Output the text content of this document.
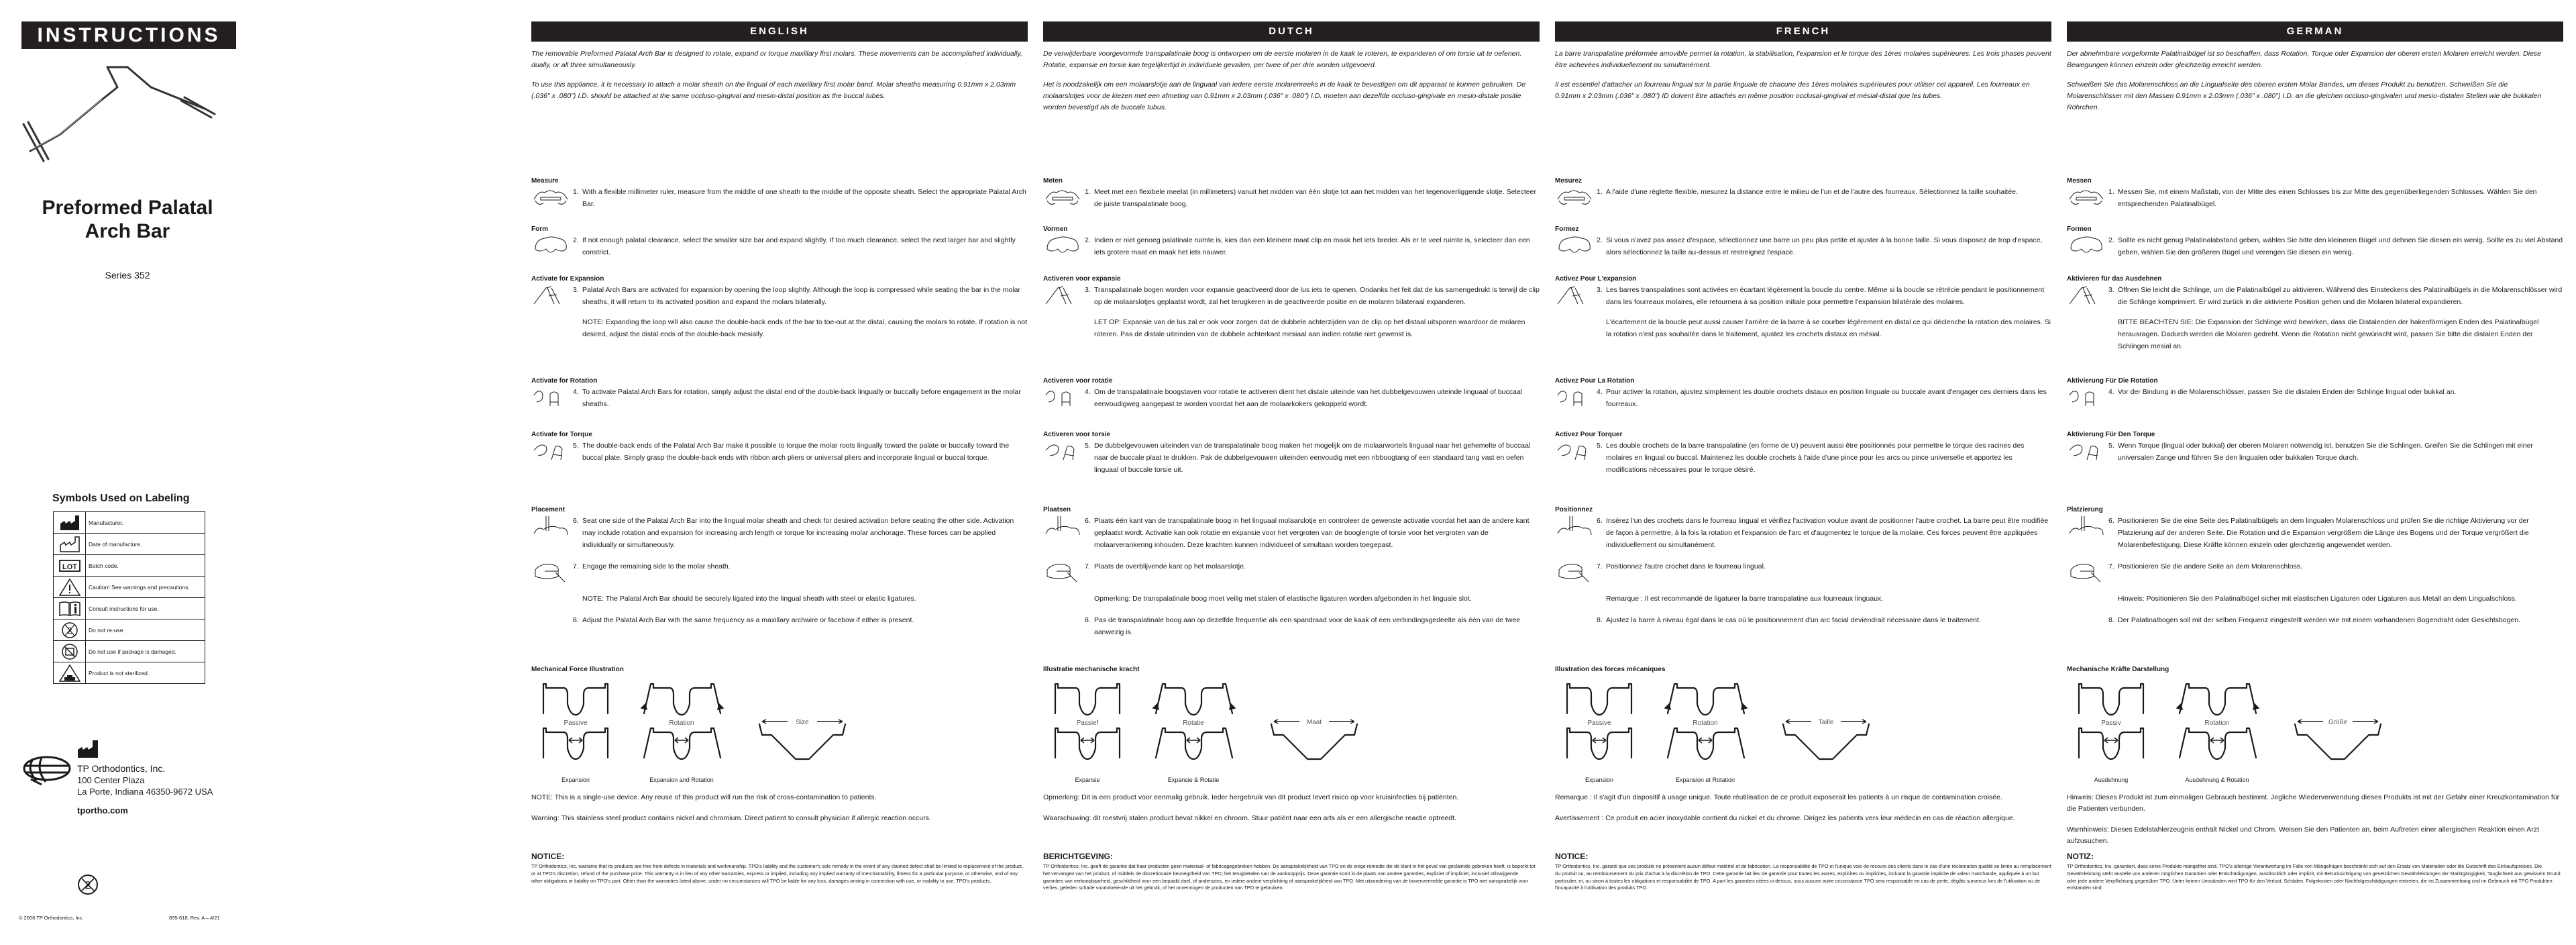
INSTRUCTIONS
Preformed Palatal
Arch Bar
Series 352
Symbols Used on Labeling
	Manufacturer.

	Date of manufacture.

LOT	Batch code.

	Caution! See warnings and precautions.

	Consult instructions for use.

2	Do not re-use.

	Do not use if package is damaged.

	Product is not sterilized.
TP Orthodontics, Inc.
100 Center Plaza
La Porte, Indiana 46350-9672 USA
tportho.com
2
© 2006 TP Orthodontics, Inc.	895-618, Rev. A – 4/21
ENGLISH

The removable Preformed Palatal Arch Bar is designed to rotate, expand or torque maxillary first molars. These movements can be accomplished individually, dually, or all three simultaneously.

To use this appliance, it is necessary to attach a molar sheath on the lingual of each maxillary first molar band. Molar sheaths measuring 0.91mm x 2.03mm (.036" x .080") I.D. should be attached at the same occluso-gingival and mesio-distal position as the buccal tubes.

Measure
1. With a flexible millimeter ruler, measure from the middle of one sheath to the middle of the opposite sheath. Select the appropriate Palatal Arch Bar.
Form
2. If not enough palatal clearance, select the smaller size bar and expand slightly. If too much clearance, select the next larger bar and slightly constrict.
Activate for Expansion
3. Palatal Arch Bars are activated for expansion by opening the loop slightly. Although the loop is compressed while seating the bar in the molar sheaths, it will return to its activated position and expand the molars bilaterally.
NOTE: Expanding the loop will also cause the double-back ends of the bar to toe-out at the distal, causing the molars to rotate. If rotation is not desired, adjust the distal ends of the double-back mesially.
Activate for Rotation
4. To activate Palatal Arch Bars for rotation, simply adjust the distal end of the double-back lingually or buccally before engagement in the molar sheaths.
Activate for Torque
5. The double-back ends of the Palatal Arch Bar make it possible to torque the molar roots lingually toward the palate or buccally toward the buccal plate. Simply grasp the double-back ends with ribbon arch pliers or universal pliers and incorporate lingual or buccal torque.
Placement
6. Seat one side of the Palatal Arch Bar into the lingual molar sheath and check for desired activation before seating the other side. Activation may include rotation and expansion for increasing arch length or torque for increasing molar anchorage. These forces can be applied individually or simultaneously.
7. Engage the remaining side to the molar sheath.
NOTE: The Palatal Arch Bar should be securely ligated into the lingual sheath with steel or elastic ligatures.
8. Adjust the Palatal Arch Bar with the same frequency as a maxillary archwire or facebow if either is present.
Mechanical Force Illustration
Passive	Rotation	Size
Expansion	Expansion and Rotation

NOTE: This is a single-use device. Any reuse of this product will run the risk of cross-contamination to patients.

Warning: This stainless steel product contains nickel and chromium. Direct patient to consult physician if allergic reaction occurs.

NOTICE:

TP Orthodontics, Inc. warrants that its products are free from defects in materials and workmanship. TPO's liability and the customer's sole remedy in the event of any claimed defect shall be limited to replacement of the product, or at TPO's discretion, refund of the purchase price. This warranty is in lieu of any other warranties, express or implied, including any implied warranty of merchantability, fitness for a particular purpose, or otherwise, and of any other obligations or liability on TPO's part. Other than the warranties listed above, under no circumstances will TPO be liable for any loss, damages arising in connection with use, or inability to use, TPO's products.

DUTCH

De verwijderbare voorgevormde transpalatinale boog is ontworpen om de eerste molaren in de kaak te roteren, te expanderen of om torsie uit te oefenen. Rotatie, expansie en torsie kan tegelijkertijd in individuele gevallen, per twee of per drie worden uitgevoerd.

Het is noodzakelijk om een molaarslotje aan de linguaal van iedere eerste molarenreeks in de kaak te bevestigen om dit apparaat te kunnen gebruiken. De molaarslotjes voor de kiezen met een afmeting van 0.91mm x 2.03mm (.036" x .080") I.D. moeten aan dezelfde occluso-gingivale en mesio-distale positie worden bevestigd als de buccale tubus.

Meten
1. Meet met een flexibele meelat (in millimeters) vanuit het midden van één slotje tot aan het midden van het tegenoverliggende slotje. Selecteer de juiste transpalatinale boog.
Vormen
2. Indien er niet genoeg palatinale ruimte is, kies dan een kleinere maat clip en maak het iets breder. Als er te veel ruimte is, selecteer dan een iets grotere maat en maak het iets nauwer.
Activeren voor expansie
3. Transpalatinale bogen worden voor expansie geactiveerd door de lus iets te openen. Ondanks het feit dat de lus samengedrukt is terwijl de clip op de molaarslotjes geplaatst wordt, zal het terugkeren in de geactiveerde positie en de molaren bilateraal expanderen.
LET OP: Expansie van de lus zal er ook voor zorgen dat de dubbele achterzijden van de clip op het distaal uitsporen waardoor de molaren roteren. Pas de distale uiteinden van de dubbele achterkant mesiaal aan indien rotatie niet gewenst is.
Activeren voor rotatie
4. Om de transpalatinale boogstaven voor rotatie te activeren dient het distale uiteinde van het dubbelgevouwen uiteinde linguaal of buccaal eenvoudigweg aangepast te worden voordat het aan de molaarkokers gekoppeld wordt.
Activeren voor torsie
5. De dubbelgevouwen uiteinden van de transpalatinale boog maken het mogelijk om de molaarwortels linguaal naar het gehemelte of buccaal naar de buccale plaat te drukken. Pak de dubbelgevouwen uiteinden eenvoudig met een ribboogtang of een standaard tang vast en oefen linguaal of buccale torsie uit.
Plaatsen
6. Plaats één kant van de transpalatinale boog in het linguaal molaarslotje en controleer de gewenste activatie voordat het aan de andere kant geplaatst wordt. Activatie kan ook rotatie en expansie voor het vergroten van de booglengte of torsie voor het vergroten van de molaarverankering inhouden. Deze krachten kunnen individueel of simultaan worden toegepast.
7. Plaats de overblijvende kant op het molaarslotje.
Opmerking: De transpalatinale boog moet veilig met stalen of elastische ligaturen worden afgebonden in het linguale slot.
8. Pas de transpalatinale boog aan op dezelfde frequentie als een spandraad voor de kaak of een verbindingsgedeelte als één van de twee aanwezig is.
Illustratie mechanische kracht
Passief	Rotatie	Maat
Expansie	Expansie & Rotatie

Opmerking: Dit is een product voor eenmalig gebruik. Ieder hergebruik van dit product levert risico op voor kruisinfecties bij patiënten.

Waarschuwing: dit roestvrij stalen product bevat nikkel en chroom. Stuur patiënt naar een arts als er een allergische reactie optreedt.

BERICHTGEVING:

TP Orthodontics, Inc. geeft de garantie dat haar producten geen materiaal- of fabricagegebreken hebben. De aansprakelijkheid van TPO en de enige remedie die de klant in het geval van geclaimde gebreken heeft, is beperkt tot het vervangen van het product, of middels de discretionaire bevoegdheid van TPO, het terugbetalen van de aankoopprijs. Deze garantie komt in de plaats van andere garanties, expliciet of impliciet, inclusief stilzwijgende garanties van verkoopbaarheid, geschiktheid voor een bepaald doel, of anderszins, en iedere andere verplichting of aansprakelijkheid van TPO. Met uitzondering van de bovenvermelde garantie is TPO niet aansprakelijk voor verlies, geleden schade voortvloeiende uit het gebruik, of het onvermogen de producten van TPO te gebruiken.

FRENCH

La barre transpalatine préformée amovible permet la rotation, la stabilisation, l'expansion et le torque des 1ères molaires supérieures. Les trois phases peuvent être achevées individuellement ou simultanément.

Il est essentiel d'attacher un fourreau lingual sur la partie linguale de chacune des 1ères molaires supérieures pour utiliser cet appareil. Les fourreaux en 0.91mm x 2.03mm (.036" x .080") ID doivent être attachés en même position occlusal-gingival et mésial-distal que les tubes.

Mesurez
1. A l'aide d'une réglette flexible, mesurez la distance entre le milieu de l'un et de l'autre des fourreaux. Sélectionnez la taille souhaitée.
Formez
2. Si vous n'avez pas assez d'espace, sélectionnez une barre un peu plus petite et ajuster à la bonne taille. Si vous disposez de trop d'espace, alors sélectionnez la taille au-dessus et restreignez l'espace.
Activez Pour L'expansion
3. Les barres transpalatines sont activées en écartant légèrement la boucle du centre. Même si la boucle se rétrécie pendant le positionnement dans les fourreaux molaires, elle retournera à sa position initiale pour permettre l'expansion bilatérale des molaires.
L'écartement de la boucle peut aussi causer l'arrière de la barre à se courber légèrement en distal ce qui déclenche la rotation des molaires. Si la rotation n'est pas souhaitée dans le traitement, ajustez les crochets distaux en mésial.
Activez Pour La Rotation
4. Pour activer la rotation, ajustez simplement les double crochets distaux en position linguale ou buccale avant d'engager ces derniers dans les fourreaux.
Activez Pour Torquer
5. Les double crochets de la barre transpalatine (en forme de U) peuvent aussi être positionnés pour permettre le torque des racines des molaires en lingual ou buccal. Maintenez les double crochets à l'aide d'une pince pour les arcs ou pince universelle et apportez les modifications nécessaires pour le torque désiré.
Positionnez
6. Insérez l'un des crochets dans le fourreau lingual et vérifiez l'activation voulue avant de positionner l'autre crochet. La barre peut être modifiée de façon à permettre, à la fois la rotation et l'expansion de l'arc et d'augmentez le torque de la molaire. Ces forces peuvent être appliquées individuellement ou simultanément.
7. Positionnez l'autre crochet dans le fourreau lingual.
Remarque : Il est recommandé de ligaturer la barre transpalatine aux fourreaux linguaux.
8. Ajustez la barre à niveau égal dans le cas où le positionnement d'un arc facial deviendrait nécessaire dans le traitement.
Illustration des forces mécaniques
Passive	Rotation	Taille
Expansion	Expansion et Rotation

Remarque : Il s'agit d'un dispositif à usage unique. Toute réutilisation de ce produit exposerait les patients à un risque de contamination croisée.

Avertissement : Ce produit en acier inoxydable contient du nickel et du chrome. Dirigez les patients vers leur médecin en cas de réaction allergique.

NOTICE:

TP Orthodontics, Inc. garanti que ses produits ne présentent aucun défaut matériel et de fabrication. La responsabilité de TPO et l'unique voie de recours des clients dans le cas d'une réclamation qualité se limite au remplacement du produit ou, au remboursement du prix d'achat à la discrétion de TPO. Cette garantie fait lieu de garantie pour toutes les autres, explicites ou implicites, incluant la garantie implicite de valeur marchande, appliquée à un but particulier, et, ou sinon à toutes les obligations et responsabilité de TPO. A part les garanties citées ci-dessus, sous aucune autre circonstance TPO sera responsable en cas de perte, dégâts survenus lors de l'utilisation ou de l'incapacité à l'utilisation des produits TPO.

GERMAN

Der abnehmbare vorgeformte Palatinalbügel ist so beschaffen, dass Rotation, Torque oder Expansion der oberen ersten Molaren erreicht werden. Diese Bewegungen können einzeln oder gleichzeitig erreicht werden.

Schweißen Sie das Molarenschloss an die Lingualseite des oberen ersten Molar Bandes, um dieses Produkt zu benutzen. Schweißen Sie die Molarenschlösser mit den Massen 0.91mm x 2.03mm (.036" x .080") I.D. an die gleichen occluso-gingivalen und mesio-distalen Stellen wie die bukkalen Röhrchen.

Messen
1. Messen Sie, mit einem Maßstab, von der Mitte des einen Schlosses bis zur Mitte des gegenüberliegenden Schlosses. Wählen Sie den entsprechenden Palatinalbügel.
Formen
2. Sollte es nicht genug Palatinalabstand geben, wählen Sie bitte den kleineren Bügel und dehnen Sie diesen ein wenig. Sollte es zu viel Abstand geben, wählen Sie den größeren Bügel und verengen Sie diesen ein wenig.
Aktivieren für das Ausdehnen
3. Öffnen Sie leicht die Schlinge, um die Palatinalbügel zu aktivieren. Während des Einsteckens des Palatinalbügels in die Molarenschlösser wird die Schlinge komprimiert. Er wird zurück in die aktivierte Position gehen und die Molaren bilateral expandieren.
BITTE BEACHTEN SIE: Die Expansion der Schlinge wird bewirken, dass die Distalenden der hakenförmigen Enden des Palatinalbügel herausragen. Dadurch werden die Molaren gedreht. Wenn die Rotation nicht gewünscht wird, passen Sie bitte die distalen Enden der Schlingen mesial an.
Aktivierung Für Die Rotation
4. Vor der Bindung in die Molarenschlösser, passen Sie die distalen Enden der Schlinge lingual oder bukkal an.
Aktivierung Für Den Torque
5. Wenn Torque (lingual oder bukkal) der oberen Molaren notwendig ist, benutzen Sie die Schlingen. Greifen Sie die Schlingen mit einer universalen Zange und führen Sie den lingualen oder bukkalen Torque durch.
Platzierung
6. Positionieren Sie die eine Seite des Palatinalbügels an dem lingualen Molarenschloss und prüfen Sie die richtige Aktivierung vor der Platzierung auf der anderen Seite. Die Rotation und die Expansion vergrößern die Länge des Bogens und der Torque vergrößert die Molarenbefestigung. Diese Kräfte können einzeln oder gleichzeitig angewendet werden.
7. Positionieren Sie die andere Seite an dem Molarenschloss.
Hinweis: Positionieren Sie den Palatinalbügel sicher mit elastischen Ligaturen oder Ligaturen aus Metall an dem Lingualschloss.
8. Der Palatinalbogen soll mit der selben Frequenz eingestellt werden wie mit einem vorhandenen Bogendraht oder Gesichtsbogen.
Mechanische Kräfte Darstellung
Passiv	Rotation	Größe
Ausdehnung	Ausdehnung & Rotation

Hinweis: Dieses Produkt ist zum einmaligen Gebrauch bestimmt. Jegliche Wiederverwendung dieses Produkts ist mit der Gefahr einer Kreuzkontamination für die Patienten verbunden.

Warnhinweis: Dieses Edelstahlerzeugnis enthält Nickel und Chrom. Weisen Sie den Patienten an, beim Auftreten einer allergischen Reaktion einen Arzt aufzusuchen.

NOTIZ:

TP Orthodontics, Inc. garantiert, dass seine Produkte mängelfrei sind. TPO's alleinige Verantwortung im Falle von Mängelrügen beschränkt sich auf den Ersatz von Materialien oder die Gutschrift des Einkaufspreises. Die Gewährleistung steht anstelle von anderen möglichen Garantien oder Entschädigungen, ausdrücklich oder implizit, mit Berücksichtigung von gesetzlichen Gewährleistungen der Marktgängigkeit, Tauglichkeit aus gewissem Grund oder jede andere Verpflichtung gegenüber TPO. Unter keinen Umständen wird TPO für den Verlust, Schäden, Folgekosten oder Nachfolgeschädigungen eintreten, die im Zusammenhang und im Gebrauch mit TPO Produkten entstanden sind.
